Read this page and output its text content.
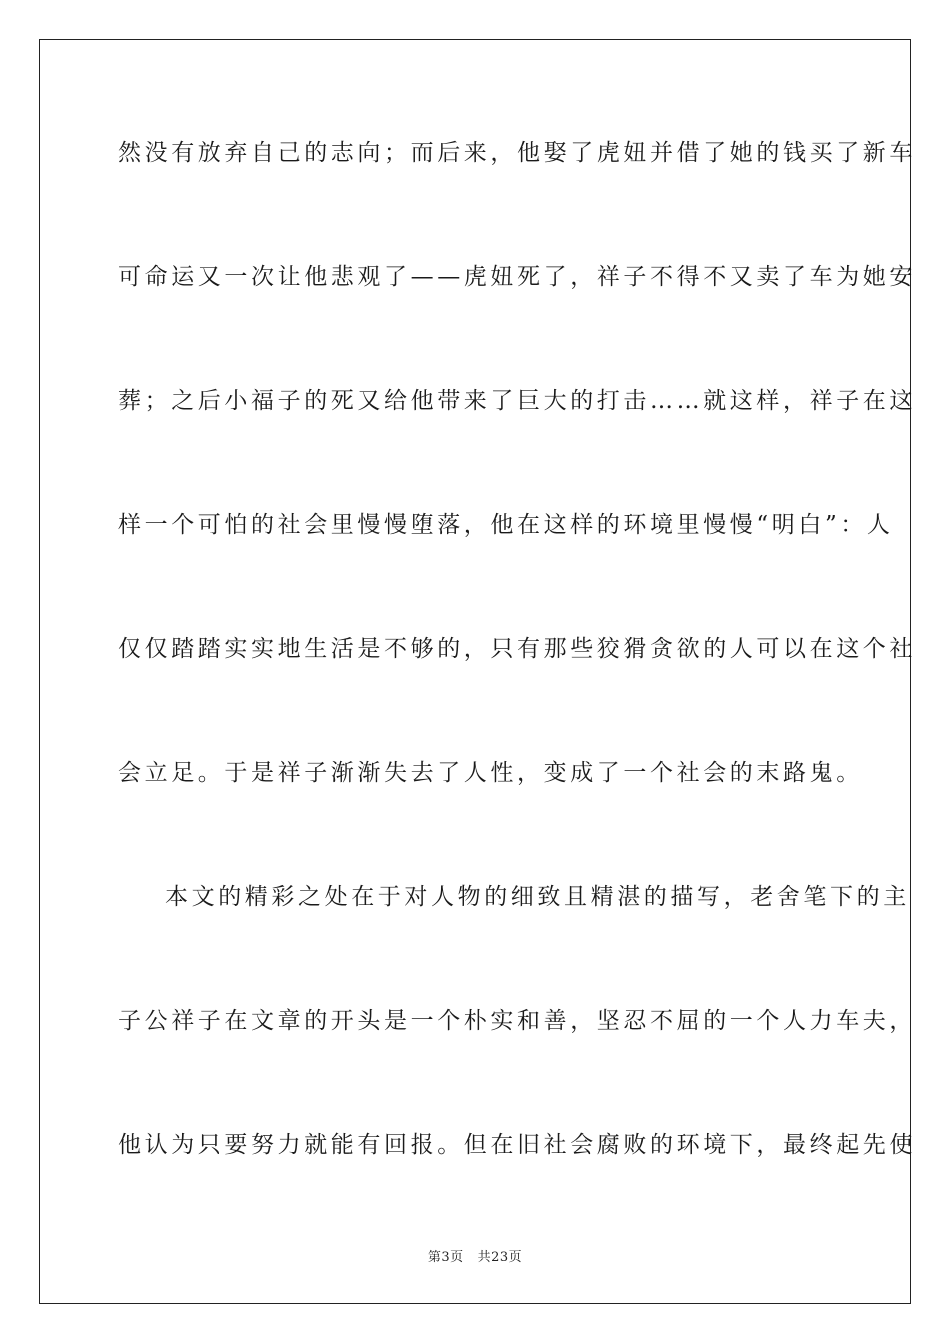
然没有放弃自己的志向；而后来，他娶了虎妞并借了她的钱买了新车
可命运又一次让他悲观了——虎妞死了，祥子不得不又卖了车为她安
葬；之后小福子的死又给他带来了巨大的打击……就这样，祥子在这
样一个可怕的社会里慢慢堕落，他在这样的环境里慢慢“明白”：人
仅仅踏踏实实地生活是不够的，只有那些狡猾贪欲的人可以在这个社
会立足。于是祥子渐渐失去了人性，变成了一个社会的末路鬼。
本文的精彩之处在于对人物的细致且精湛的描写，老舍笔下的主
子公祥子在文章的开头是一个朴实和善，坚忍不屈的一个人力车夫，
他认为只要努力就能有回报。但在旧社会腐败的环境下，最终起先使
第3页 共23页
